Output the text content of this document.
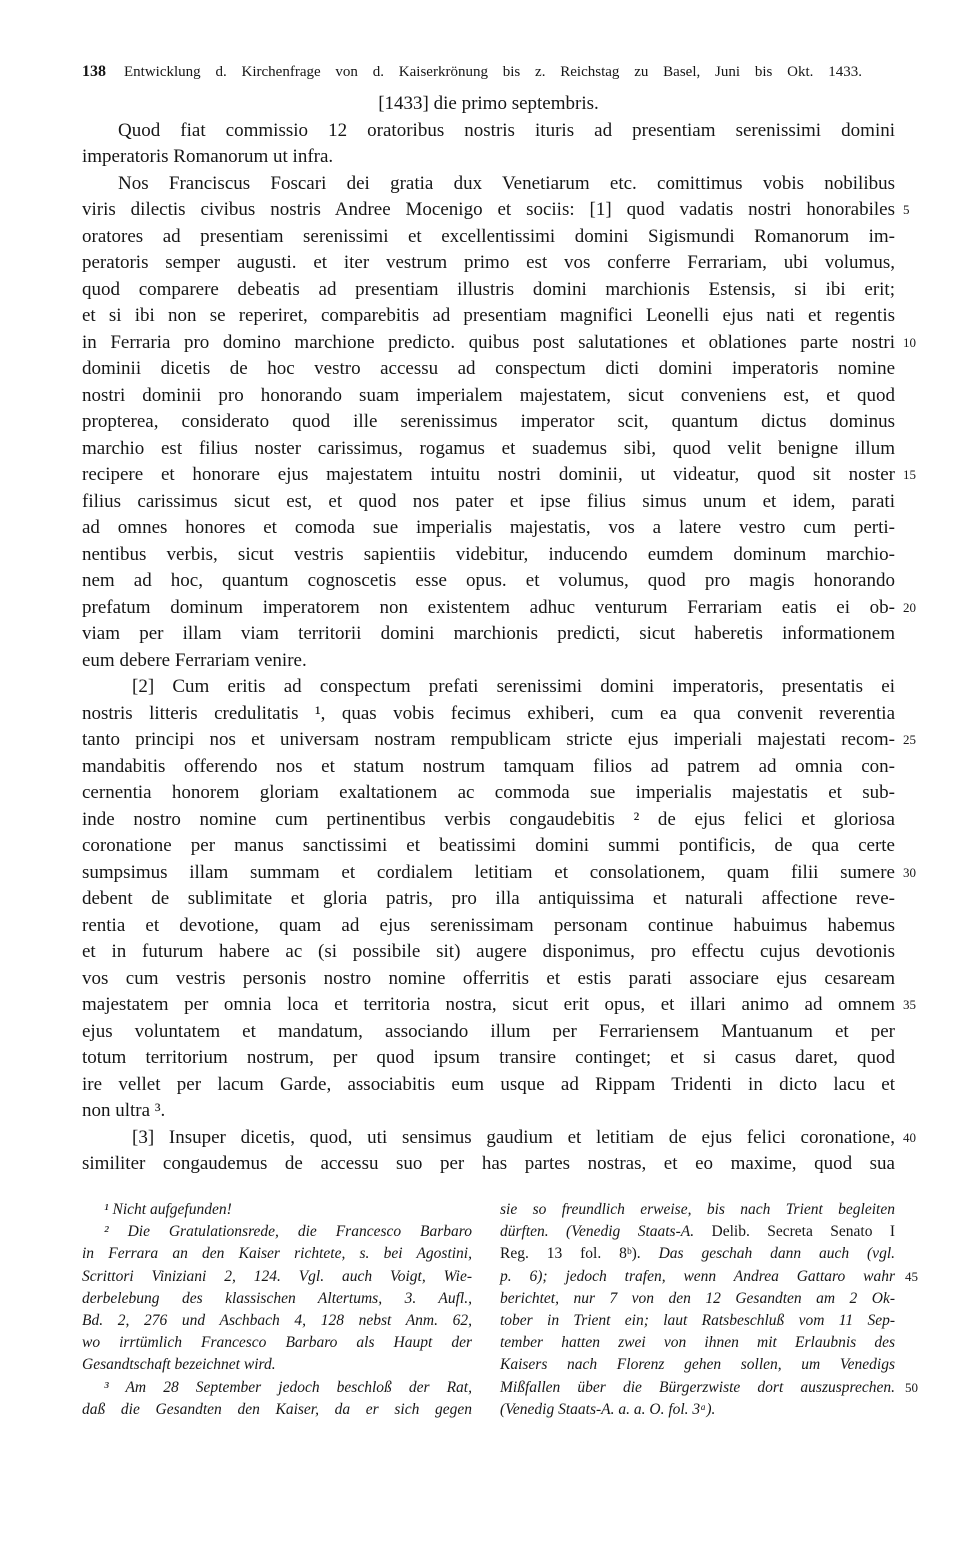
138 Entwicklung d. Kirchenfrage von d. Kaiserkrönung bis z. Reichstag zu Basel, Juni bis Okt. 1433.
[1433] die primo septembris.
Quod fiat commissio 12 oratoribus nostris ituris ad presentiam serenissimi domini
imperatoris Romanorum ut infra.
Nos Franciscus Foscari dei gratia dux Venetiarum etc. comittimus vobis nobilibus
viris dilectis civibus nostris Andree Mocenigo et sociis: [1] quod vadatis nostri honorabiles 5
oratores ad presentiam serenissimi et excellentissimi domini Sigismundi Romanorum im-
peratoris semper augusti. et iter vestrum primo est vos conferre Ferrariam, ubi volumus,
quod comparere debeatis ad presentiam illustris domini marchionis Estensis, si ibi erit;
et si ibi non se reperiret, comparebitis ad presentiam magnifici Leonelli ejus nati et regentis
in Ferraria pro domino marchione predicto. quibus post salutationes et oblationes parte nostri 10
dominii dicetis de hoc vestro accessu ad conspectum dicti domini imperatoris nomine
nostri dominii pro honorando suam imperialem majestatem, sicut conveniens est, et quod
propterea, considerato quod ille serenissimus imperator scit, quantum dictus dominus
marchio est filius noster carissimus, rogamus et suademus sibi, quod velit benigne illum
recipere et honorare ejus majestatem intuitu nostri dominii, ut videatur, quod sit noster 15
filius carissimus sicut est, et quod nos pater et ipse filius simus unum et idem, parati
ad omnes honores et comoda sue imperialis majestatis, vos a latere vestro cum perti-
nentibus verbis, sicut vestris sapientiis videbitur, inducendo eumdem dominum marchio-
nem ad hoc, quantum cognoscetis esse opus. et volumus, quod pro magis honorando
prefatum dominum imperatorem non existentem adhuc venturum Ferrariam eatis ei ob- 20
viam per illam viam territorii domini marchionis predicti, sicut haberetis informationem
eum debere Ferrariam venire.
[2] Cum eritis ad conspectum prefati serenissimi domini imperatoris, presentatis ei
nostris litteris credulitatis ¹, quas vobis fecimus exhiberi, cum ea qua convenit reverentia
tanto principi nos et universam nostram rempublicam stricte ejus imperiali majestati recom- 25
mandabitis offerendo nos et statum nostrum tamquam filios ad patrem ad omnia con-
cernentia honorem gloriam exaltationem ac commoda sue imperialis majestatis et sub-
inde nostro nomine cum pertinentibus verbis congaudebitis ² de ejus felici et gloriosa
coronatione per manus sanctissimi et beatissimi domini summi pontificis, de qua certe
sumpsimus illam summam et cordialem letitiam et consolationem, quam filii sumere 30
debent de sublimitate et gloria patris, pro illa antiquissima et naturali affectione reve-
rentia et devotione, quam ad ejus serenissimam personam continue habuimus habemus
et in futurum habere ac (si possibile sit) augere disponimus, pro effectu cujus devotionis
vos cum vestris personis nostro nomine offerritis et estis parati associare ejus cesaream
majestatem per omnia loca et territoria nostra, sicut erit opus, et illari animo ad omnem 35
ejus voluntatem et mandatum, associando illum per Ferrariensem Mantuanum et per
totum territorium nostrum, per quod ipsum transire continget; et si casus daret, quod
ire vellet per lacum Garde, associabitis eum usque ad Rippam Tridenti in dicto lacu et
non ultra ³.
[3] Insuper dicetis, quod, uti sensimus gaudium et letitiam de ejus felici coronatione, 40
similiter congaudemus de accessu suo per has partes nostras, et eo maxime, quod sua
¹ Nicht aufgefunden!
² Die Gratulationsrede, die Francesco Barbaro
in Ferrara an den Kaiser richtete, s. bei Agostini,
Scrittori Viniziani 2, 124. Vgl. auch Voigt, Wie-
derbelebung des klassischen Altertums, 3. Aufl.,
Bd. 2, 276 und Aschbach 4, 128 nebst Anm. 62,
wo irrtümlich Francesco Barbaro als Haupt der
Gesandtschaft bezeichnet wird.
³ Am 28 September jedoch beschloß der Rat,
daß die Gesandten den Kaiser, da er sich gegen
sie so freundlich erweise, bis nach Trient begleiten
dürften. (Venedig Staats-A. Delib. Secreta Senato I
Reg. 13 fol. 8ᵇ). Das geschah dann auch (vgl.
p. 6); jedoch trafen, wenn Andrea Gattaro wahr 45
berichtet, nur 7 von den 12 Gesandten am 2 Ok-
tober in Trient ein; laut Ratsbeschluß vom 11 Sep-
tember hatten zwei von ihnen mit Erlaubnis des
Kaisers nach Florenz gehen sollen, um Venedigs
Mißfallen über die Bürgerzwiste dort auszusprechen. 50
(Venedig Staats-A. a. a. O. fol. 3ᵃ).
